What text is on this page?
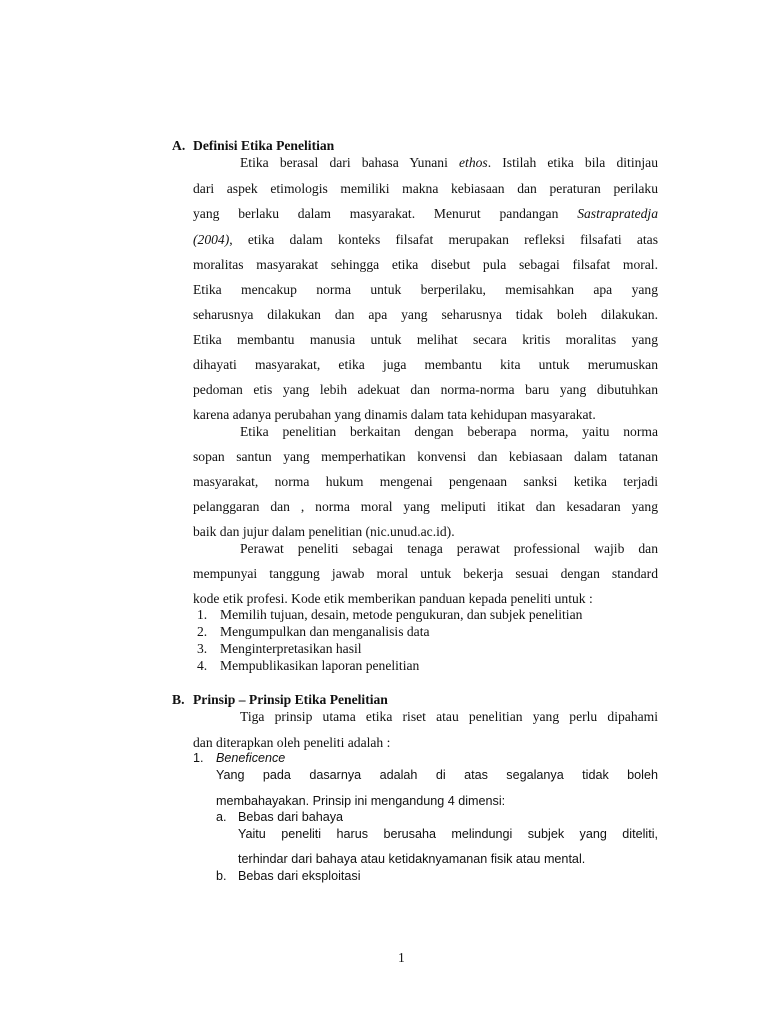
A. Definisi Etika Penelitian
Etika berasal dari bahasa Yunani ethos. Istilah etika bila ditinjau
dari aspek etimologis memiliki makna kebiasaan dan peraturan perilaku
yang berlaku dalam masyarakat. Menurut pandangan Sastrapratedja
(2004), etika dalam konteks filsafat merupakan refleksi filsafati atas
moralitas masyarakat sehingga etika disebut pula sebagai filsafat moral.
Etika mencakup norma untuk berperilaku, memisahkan apa yang
seharusnya dilakukan dan apa yang seharusnya tidak boleh dilakukan.
Etika membantu manusia untuk melihat secara kritis moralitas yang
dihayati masyarakat, etika juga membantu kita untuk merumuskan
pedoman etis yang lebih adekuat dan norma-norma baru yang dibutuhkan
karena adanya perubahan yang dinamis dalam tata kehidupan masyarakat.
Etika penelitian berkaitan dengan beberapa norma, yaitu norma
sopan santun yang memperhatikan konvensi dan kebiasaan dalam tatanan
masyarakat, norma hukum mengenai pengenaan sanksi ketika terjadi
pelanggaran dan , norma moral yang meliputi itikat dan kesadaran yang
baik dan jujur dalam penelitian (nic.unud.ac.id).
Perawat peneliti sebagai tenaga perawat professional wajib dan
mempunyai tanggung jawab moral untuk bekerja sesuai dengan standard
kode etik profesi. Kode etik memberikan panduan kepada peneliti untuk :
1. Memilih tujuan, desain, metode pengukuran, dan subjek penelitian
2. Mengumpulkan dan menganalisis data
3. Menginterpretasikan hasil
4. Mempublikasikan laporan penelitian
B. Prinsip – Prinsip Etika Penelitian
Tiga prinsip utama etika riset atau penelitian yang perlu dipahami
dan diterapkan oleh peneliti adalah :
1. Beneficence
Yang pada dasarnya adalah di atas segalanya tidak boleh
membahayakan. Prinsip ini mengandung 4 dimensi:
a. Bebas dari bahaya
Yaitu peneliti harus berusaha melindungi subjek yang diteliti,
terhindar dari bahaya atau ketidaknyamanan fisik atau mental.
b. Bebas dari eksploitasi
1
